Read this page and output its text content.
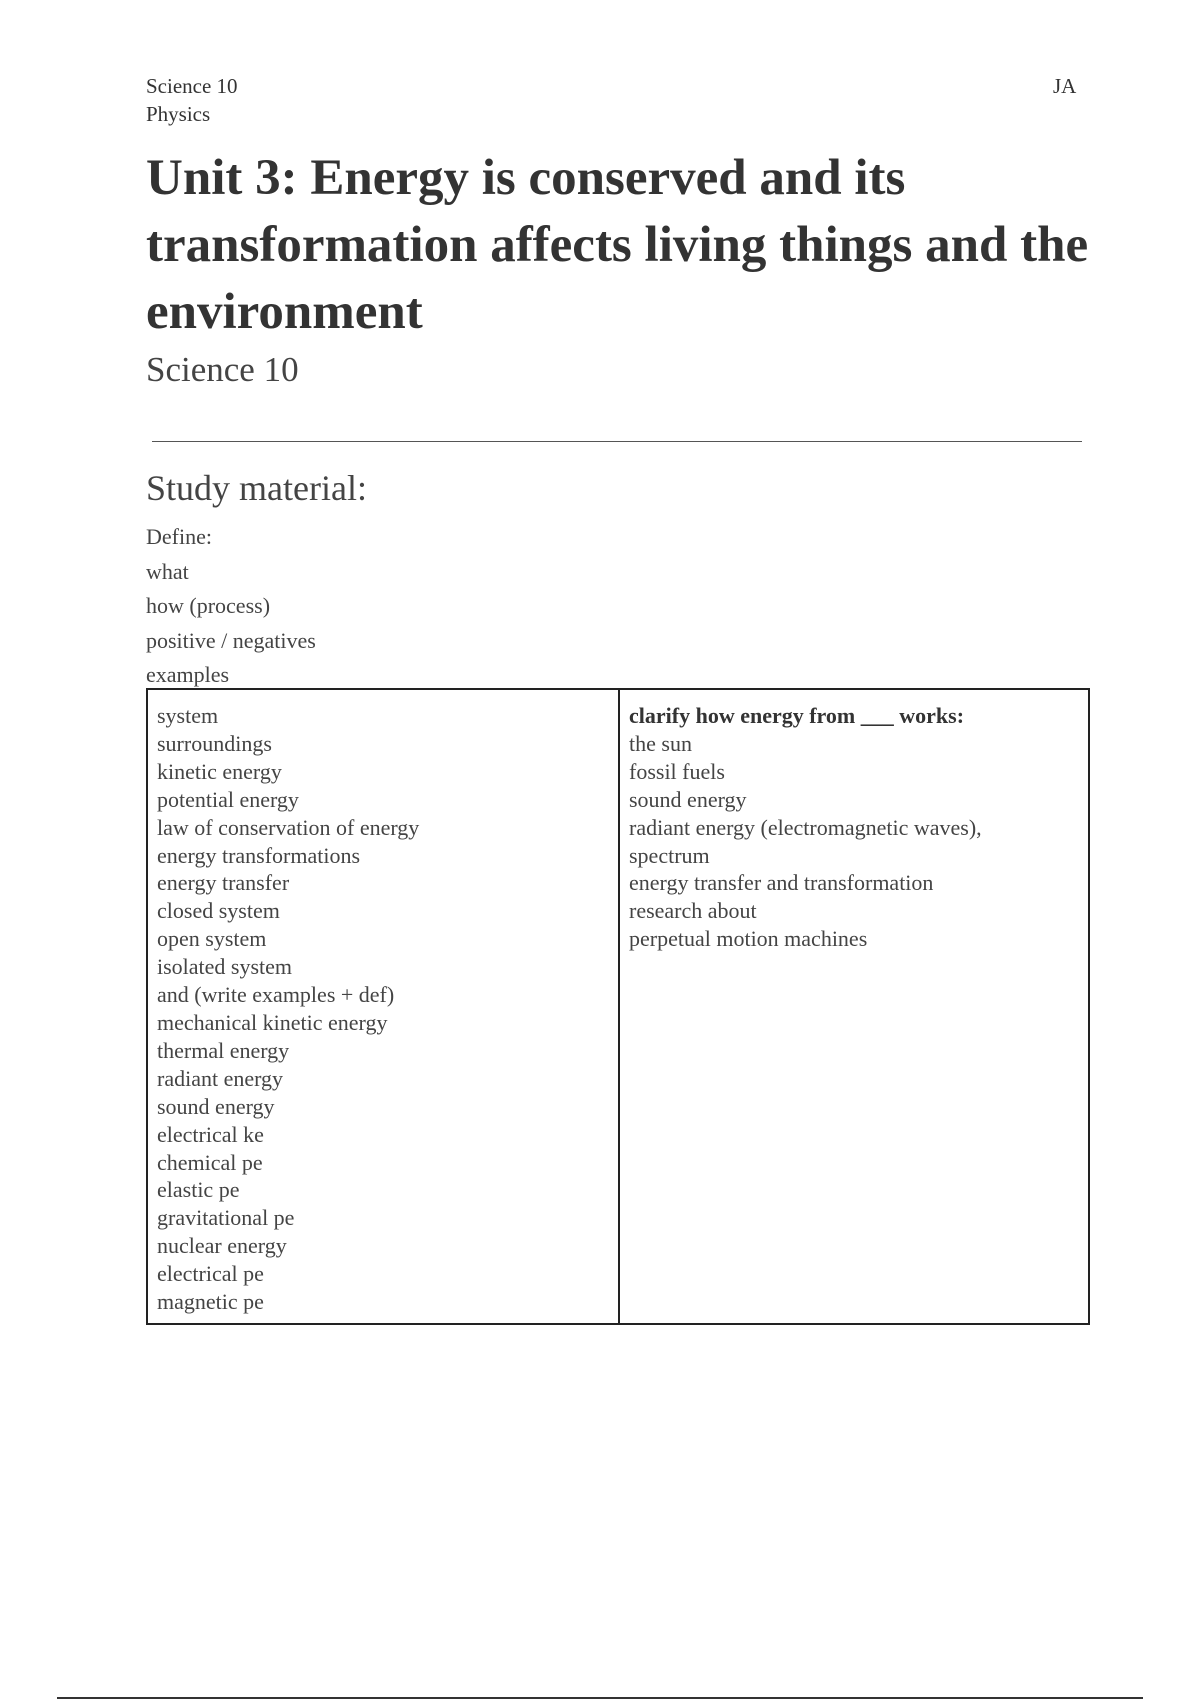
Science 10
Physics
JA
Unit 3: Energy is conserved and its transformation affects living things and the environment
Science 10
Study material:
Define:
what
how (process)
positive / negatives
examples
system
surroundings
kinetic energy
potential energy
law of conservation of energy
energy transformations
energy transfer
closed system
open system
isolated system
and (write examples + def)
mechanical kinetic energy
thermal energy
radiant energy
sound energy
electrical ke
chemical pe
elastic pe
gravitational pe
nuclear energy
electrical pe
magnetic pe
clarify how energy from ___ works:
the sun
fossil fuels
sound energy
radiant energy (electromagnetic waves),
spectrum
energy transfer and transformation
research about
perpetual motion machines
